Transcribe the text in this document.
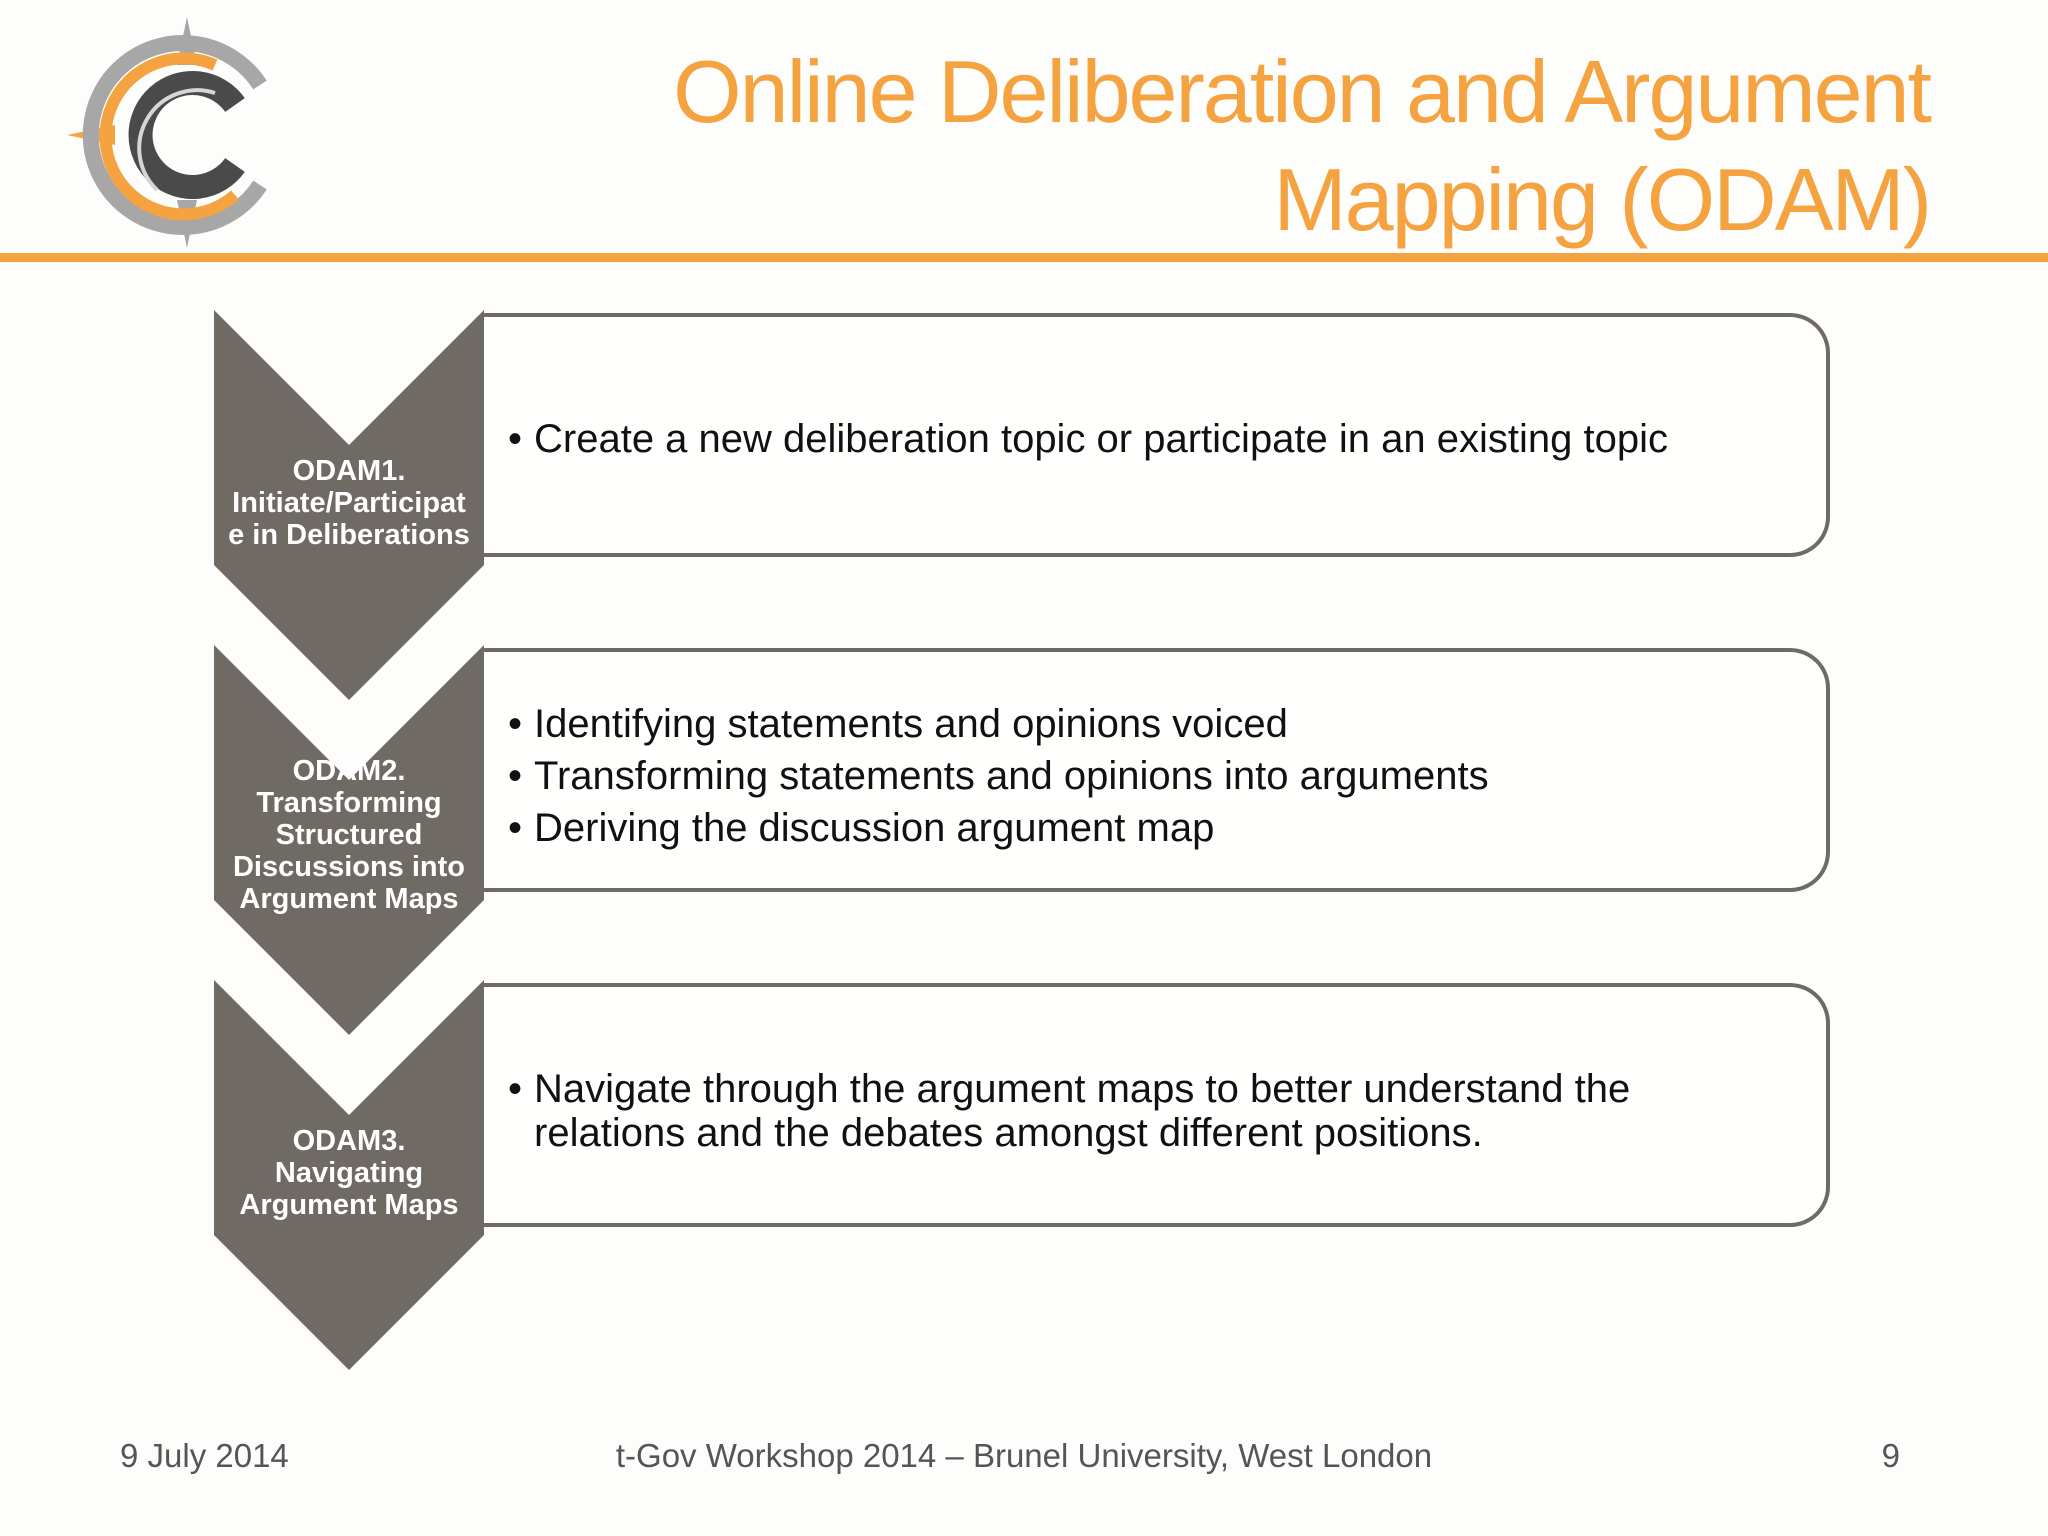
Online Deliberation and Argument
Mapping (ODAM)
• Create a new deliberation topic or participate in an existing topic
ODAM1.
Initiate/Participat
e in Deliberations
• Identifying statements and opinions voiced
• Transforming statements and opinions into arguments
• Deriving the discussion argument map
ODAM2.
Transforming
Structured
Discussions into
Argument Maps
• Navigate through the argument maps to better understand the relations and the debates amongst different positions.
ODAM3.
Navigating
Argument Maps
9 July 2014	t-Gov Workshop 2014 – Brunel University, West London	9
